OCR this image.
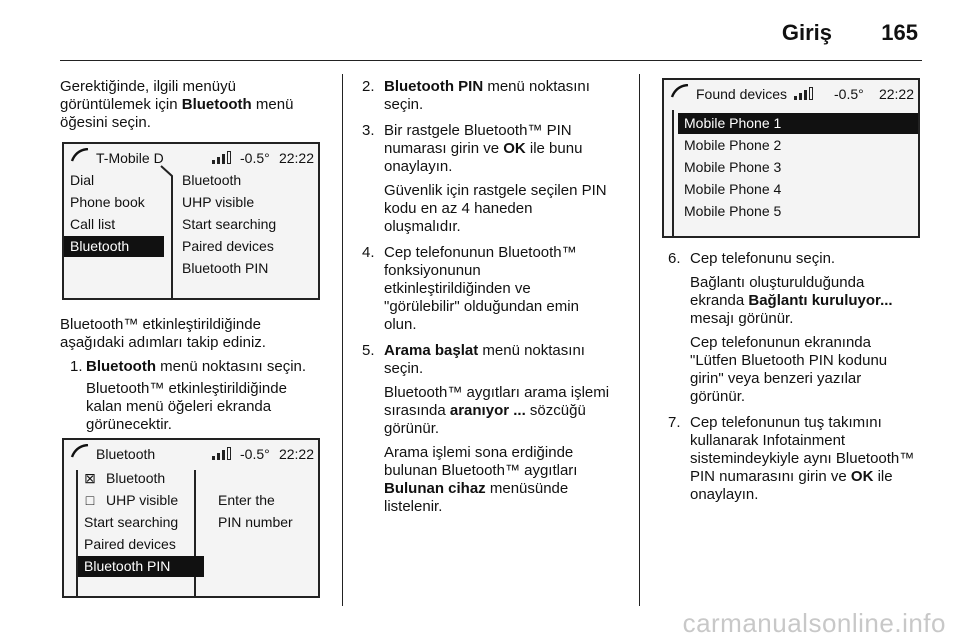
Giriş 165

Gerektiğinde, ilgili menüyü

görüntülemek için Bluetooth menü

öğesini seçin.

Bluetooth™ etkinleştirildiğinde

aşağıdaki adımları takip ediniz.

1. Bluetooth menü noktasını seçin.

Bluetooth™ etkinleştirildiğinde

kalan menü öğeleri ekranda

görünecektir.

T-Mobile D	-0.5° 22:22
Dial
Phone book
Call list
Bluetooth
Bluetooth
UHP visible
Start searching
Paired devices
Bluetooth PIN
Bluetooth	-0.5° 22:22
⊠ Bluetooth
□ UHP visible
Start searching
Paired devices
Bluetooth PIN
Enter the
PIN number
2. Bluetooth PIN menü noktasını

seçin.

3. Bir rastgele Bluetooth™ PIN

numarası girin ve OK ile bunu

onaylayın.

Güvenlik için rastgele seçilen PIN

kodu en az 4 haneden

oluşmalıdır.

4. Cep telefonunun Bluetooth™

fonksiyonunun

etkinleştirildiğinden ve

"görülebilir" olduğundan emin

olun.

5. Arama başlat menü noktasını

seçin.

Bluetooth™ aygıtları arama işlemi

sırasında aranıyor ... sözcüğü

görünür.

Arama işlemi sona erdiğinde

bulunan Bluetooth™ aygıtları

Bulunan cihaz menüsünde

listelenir.

Found devices	-0.5° 22:22
Mobile Phone 1
Mobile Phone 2
Mobile Phone 3
Mobile Phone 4
Mobile Phone 5
6. Cep telefonunu seçin.

Bağlantı oluşturulduğunda

ekranda Bağlantı kuruluyor...

mesajı görünür.

Cep telefonunun ekranında

"Lütfen Bluetooth PIN kodunu

girin" veya benzeri yazılar

görünür.

7. Cep telefonunun tuş takımını

kullanarak Infotainment

sistemindeykiyle aynı Bluetooth™

PIN numarasını girin ve OK ile

onaylayın.

carmanualsonline.info
